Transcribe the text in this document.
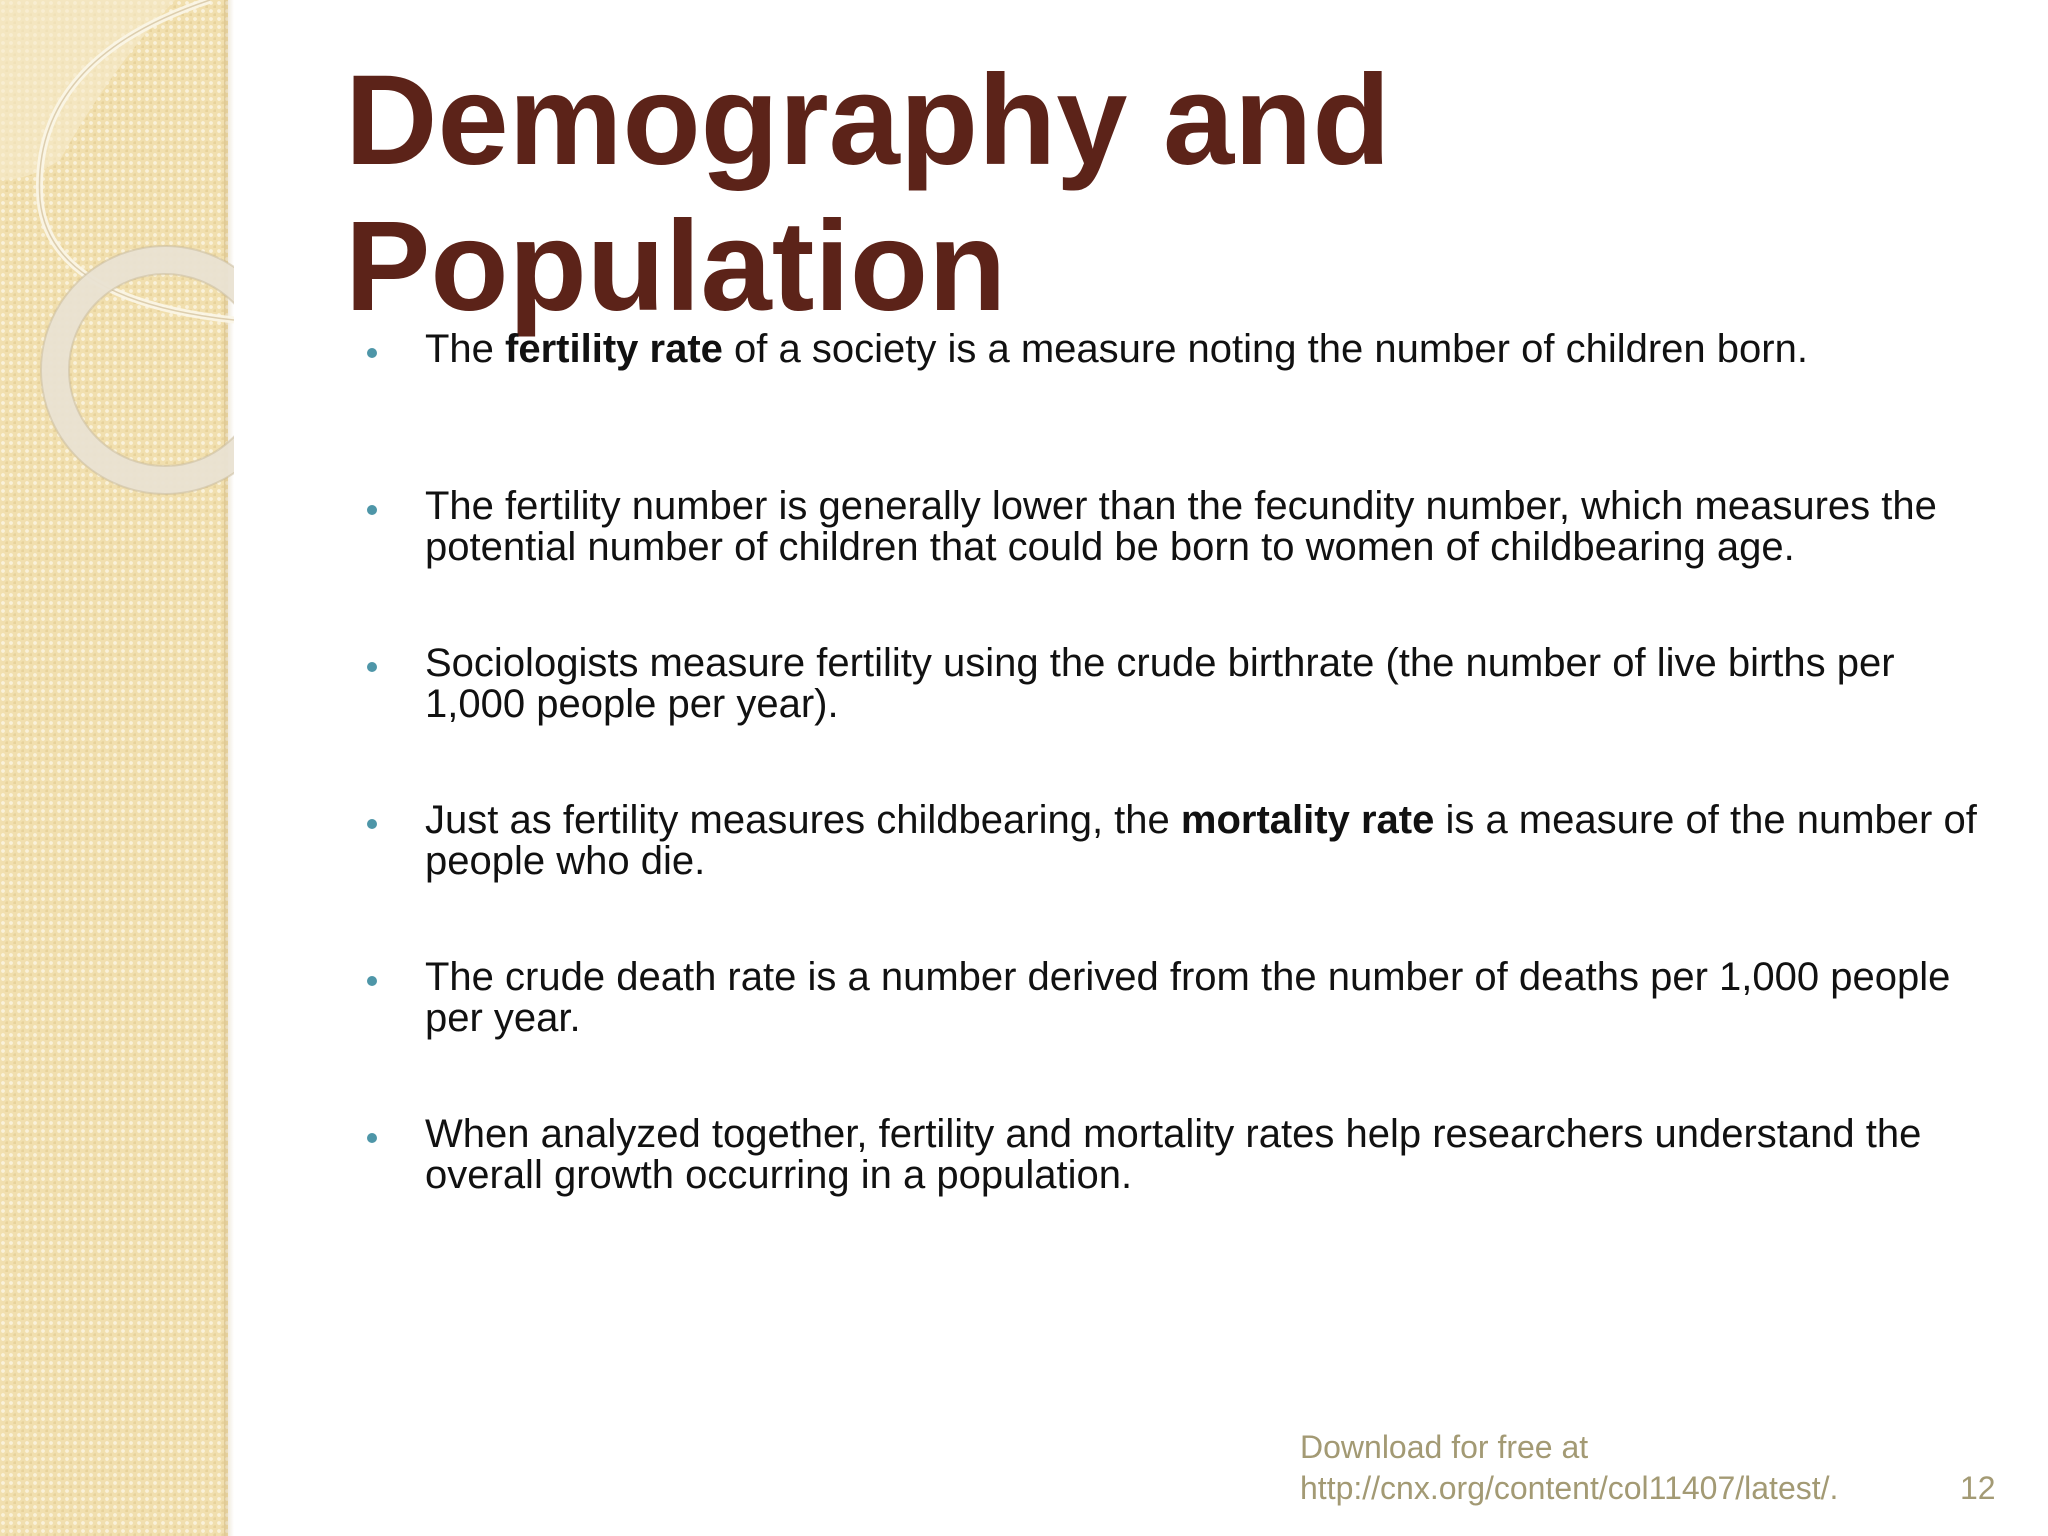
Demography and
Population
The fertility rate of a society is a measure noting the number of children born.
The fertility number is generally lower than the fecundity number, which measures the potential number of children that could be born to women of childbearing age.
Sociologists measure fertility using the crude birthrate (the number of live births per 1,000 people per year).
Just as fertility measures childbearing, the mortality rate is a measure of the number of people who die.
The crude death rate is a number derived from the number of deaths per 1,000 people per year.
When analyzed together, fertility and mortality rates help researchers understand the overall growth occurring in a population.
Download for free at
http://cnx.org/content/col11407/latest/.	12
